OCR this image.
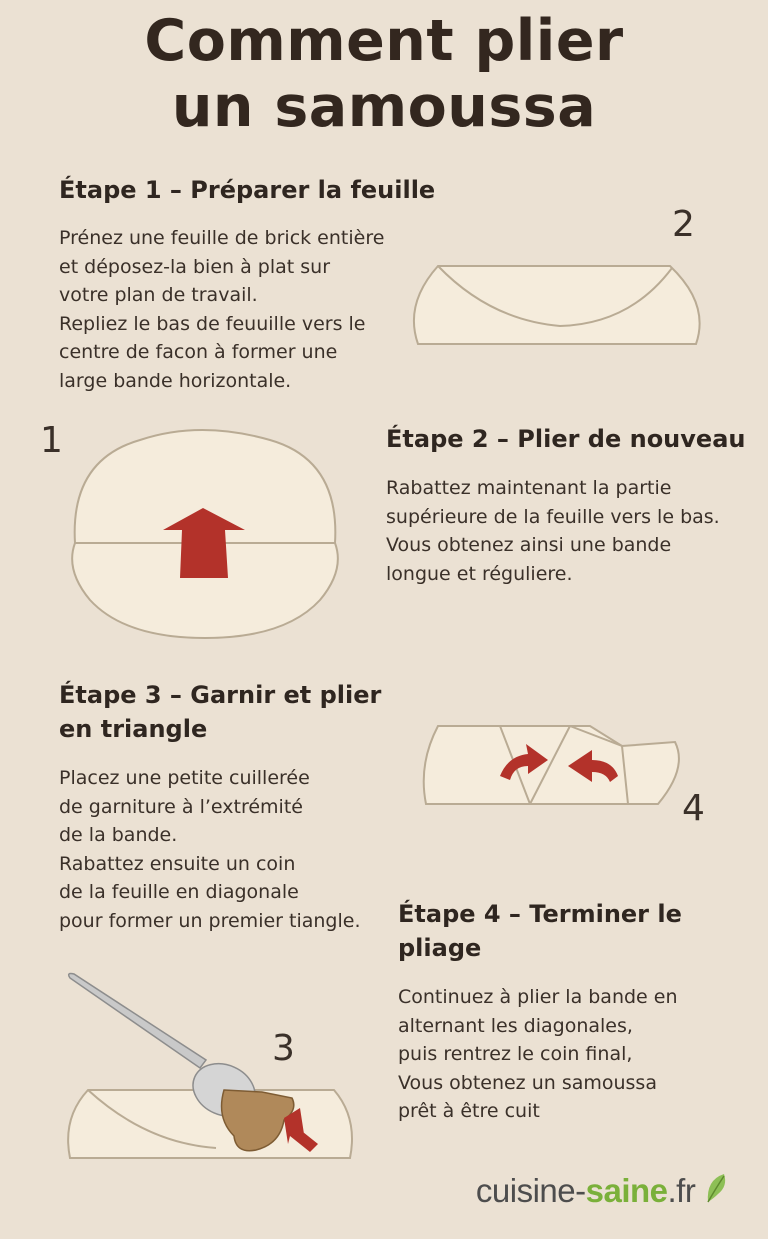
Comment plier
un samoussa
Étape 1 – Préparer la feuille
Prénez une feuille de brick entière
et déposez-la bien à plat sur
votre plan de travail.
Repliez le bas de feuuille vers le
centre de facon à former une
large bande horizontale.
2
1	Étape 2 – Plier de nouveau
Rabattez maintenant la partie
supérieure de la feuille vers le bas.
Vous obtenez ainsi une bande
longue et réguliere.
Étape 3 – Garnir et plier
en triangle
Placez une petite cuillerée
de garniture à l’extrémité
de la bande.
Rabattez ensuite un coin
de la feuille en diagonale
pour former un premier tiangle.
4
Étape 4 – Terminer le pliage
Continuez à plier la bande en
alternant les diagonales,
puis rentrez le coin final,
Vous obtenez un samoussa
prêt à être cuit
3
cuisine-saine.fr
